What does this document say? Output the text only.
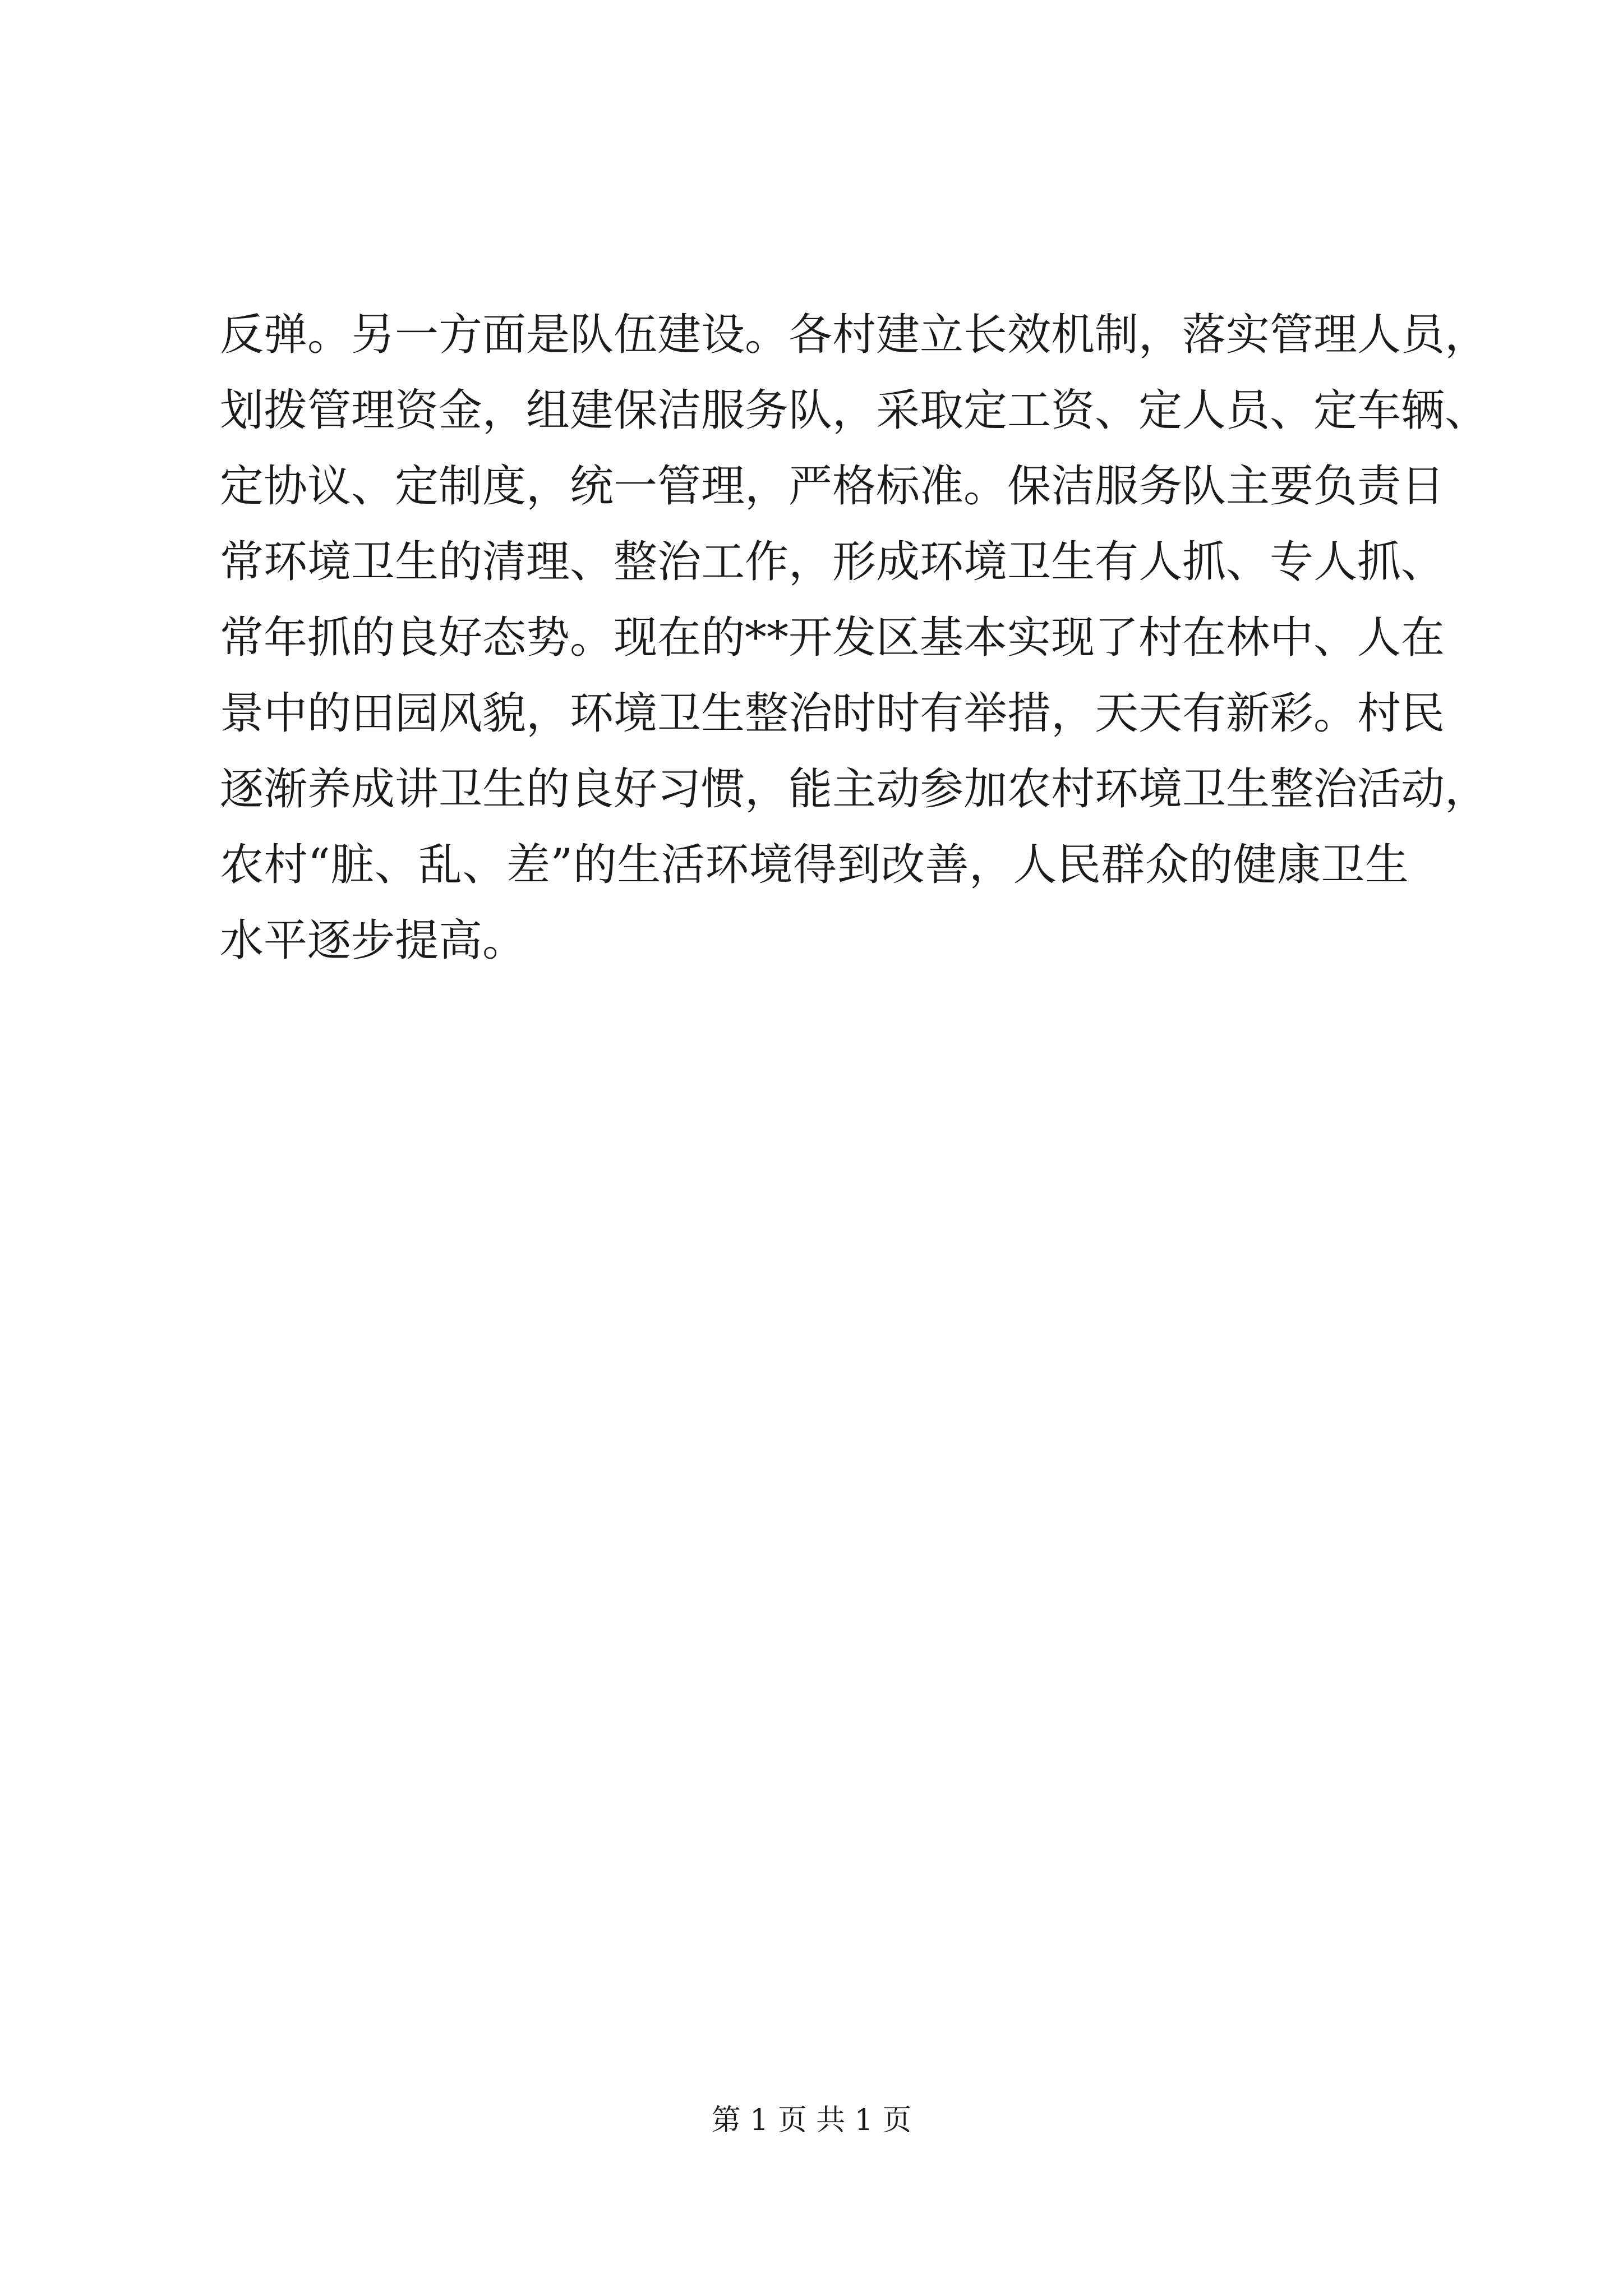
反弹。另一方面是队伍建设。各村建立长效机制，落实管理人员，
划拨管理资金，组建保洁服务队，采取定工资、定人员、定车辆、
定协议、定制度，统一管理，严格标准。保洁服务队主要负责日
常环境卫生的清理、整治工作，形成环境卫生有人抓、专人抓、
常年抓的良好态势。现在的**开发区基本实现了村在林中、人在
景中的田园风貌，环境卫生整治时时有举措，天天有新彩。村民
逐渐养成讲卫生的良好习惯，能主动参加农村环境卫生整治活动，
农村“脏、乱、差”的生活环境得到改善，人民群众的健康卫生
水平逐步提高。
第 1 页 共 1 页
